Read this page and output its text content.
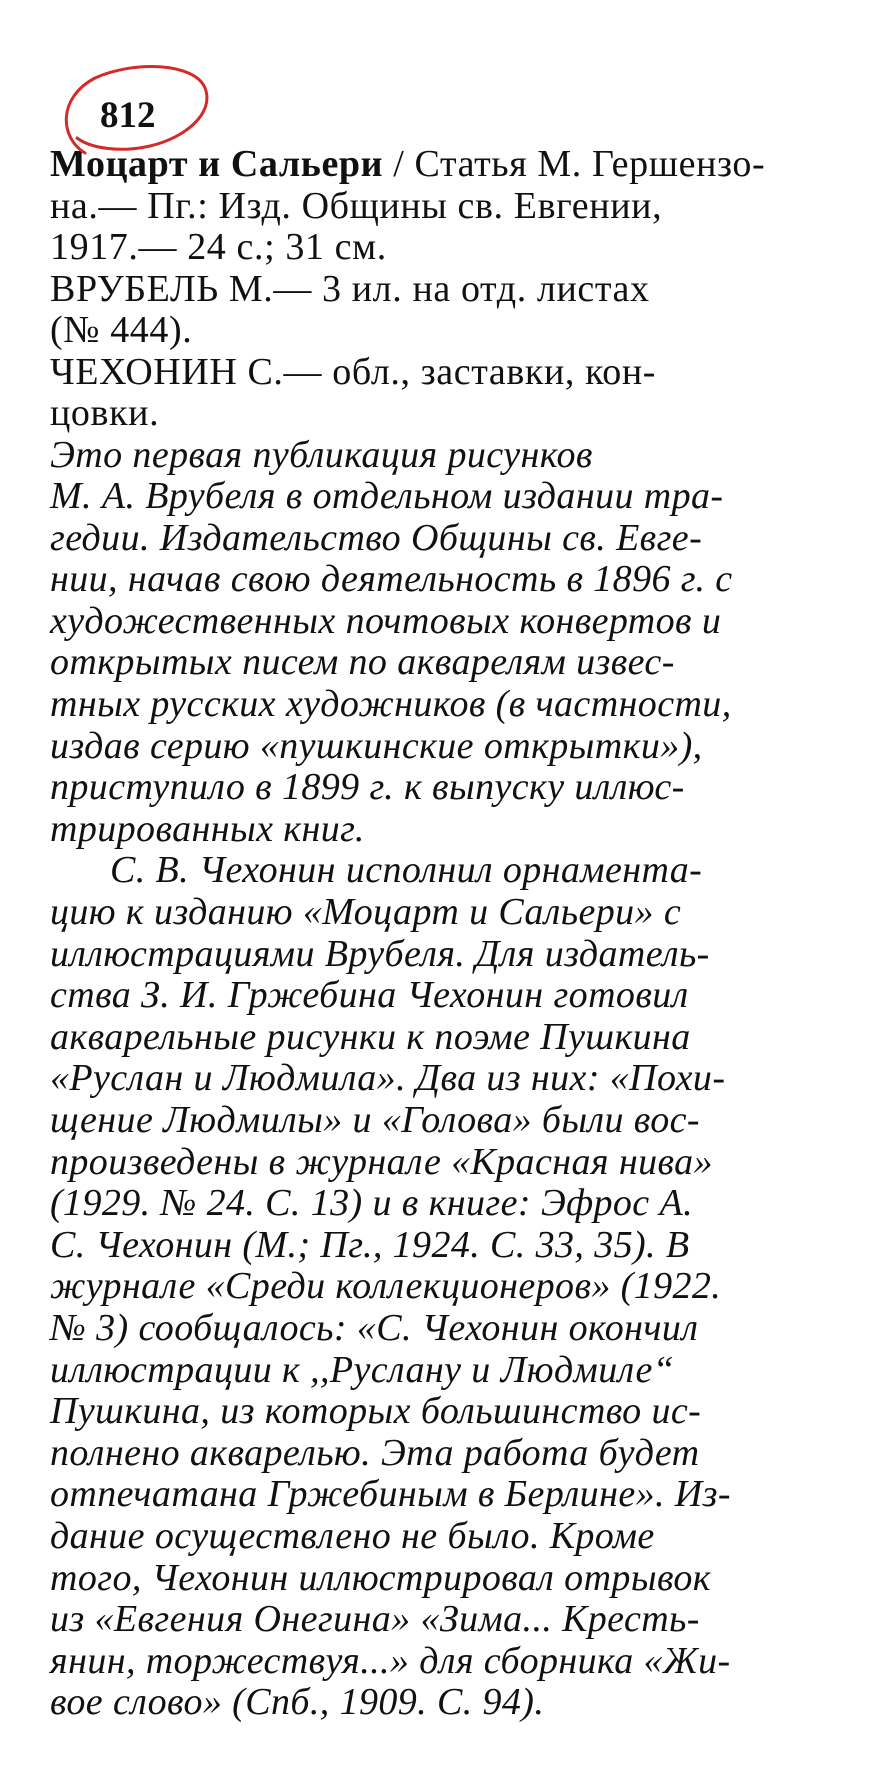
812
Моцарт и Сальери / Статья М. Гершензо-
на.— Пг.: Изд. Общины св. Евгении,
1917.— 24 с.; 31 см.
ВРУБЕЛЬ М.— 3 ил. на отд. листах
(№ 444).
ЧЕХОНИН С.— обл., заставки, кон-
цовки.
Это первая публикация рисунков
М. А. Врубеля в отдельном издании тра-
гедии. Издательство Общины св. Евге-
нии, начав свою деятельность в 1896 г. с
художественных почтовых конвертов и
открытых писем по акварелям извес-
тных русских художников (в частности,
издав серию «пушкинские открытки»),
приступило в 1899 г. к выпуску иллюс-
трированных книг.
С. В. Чехонин исполнил орнамента-
цию к изданию «Моцарт и Сальери» с
иллюстрациями Врубеля. Для издатель-
ства З. И. Гржебина Чехонин готовил
акварельные рисунки к поэме Пушкина
«Руслан и Людмила». Два из них: «Похи-
щение Людмилы» и «Голова» были вос-
произведены в журнале «Красная нива»
(1929. № 24. С. 13) и в книге: Эфрос А.
С. Чехонин (М.; Пг., 1924. С. 33, 35). В
журнале «Среди коллекционеров» (1922.
№ 3) сообщалось: «С. Чехонин окончил
иллюстрации к ,,Руслану и Людмиле“
Пушкина, из которых большинство ис-
полнено акварелью. Эта работа будет
отпечатана Гржебиным в Берлине». Из-
дание осуществлено не было. Кроме
того, Чехонин иллюстрировал отрывок
из «Евгения Онегина» «Зима... Кресть-
янин, торжествуя...» для сборника «Жи-
вое слово» (Спб., 1909. С. 94).
